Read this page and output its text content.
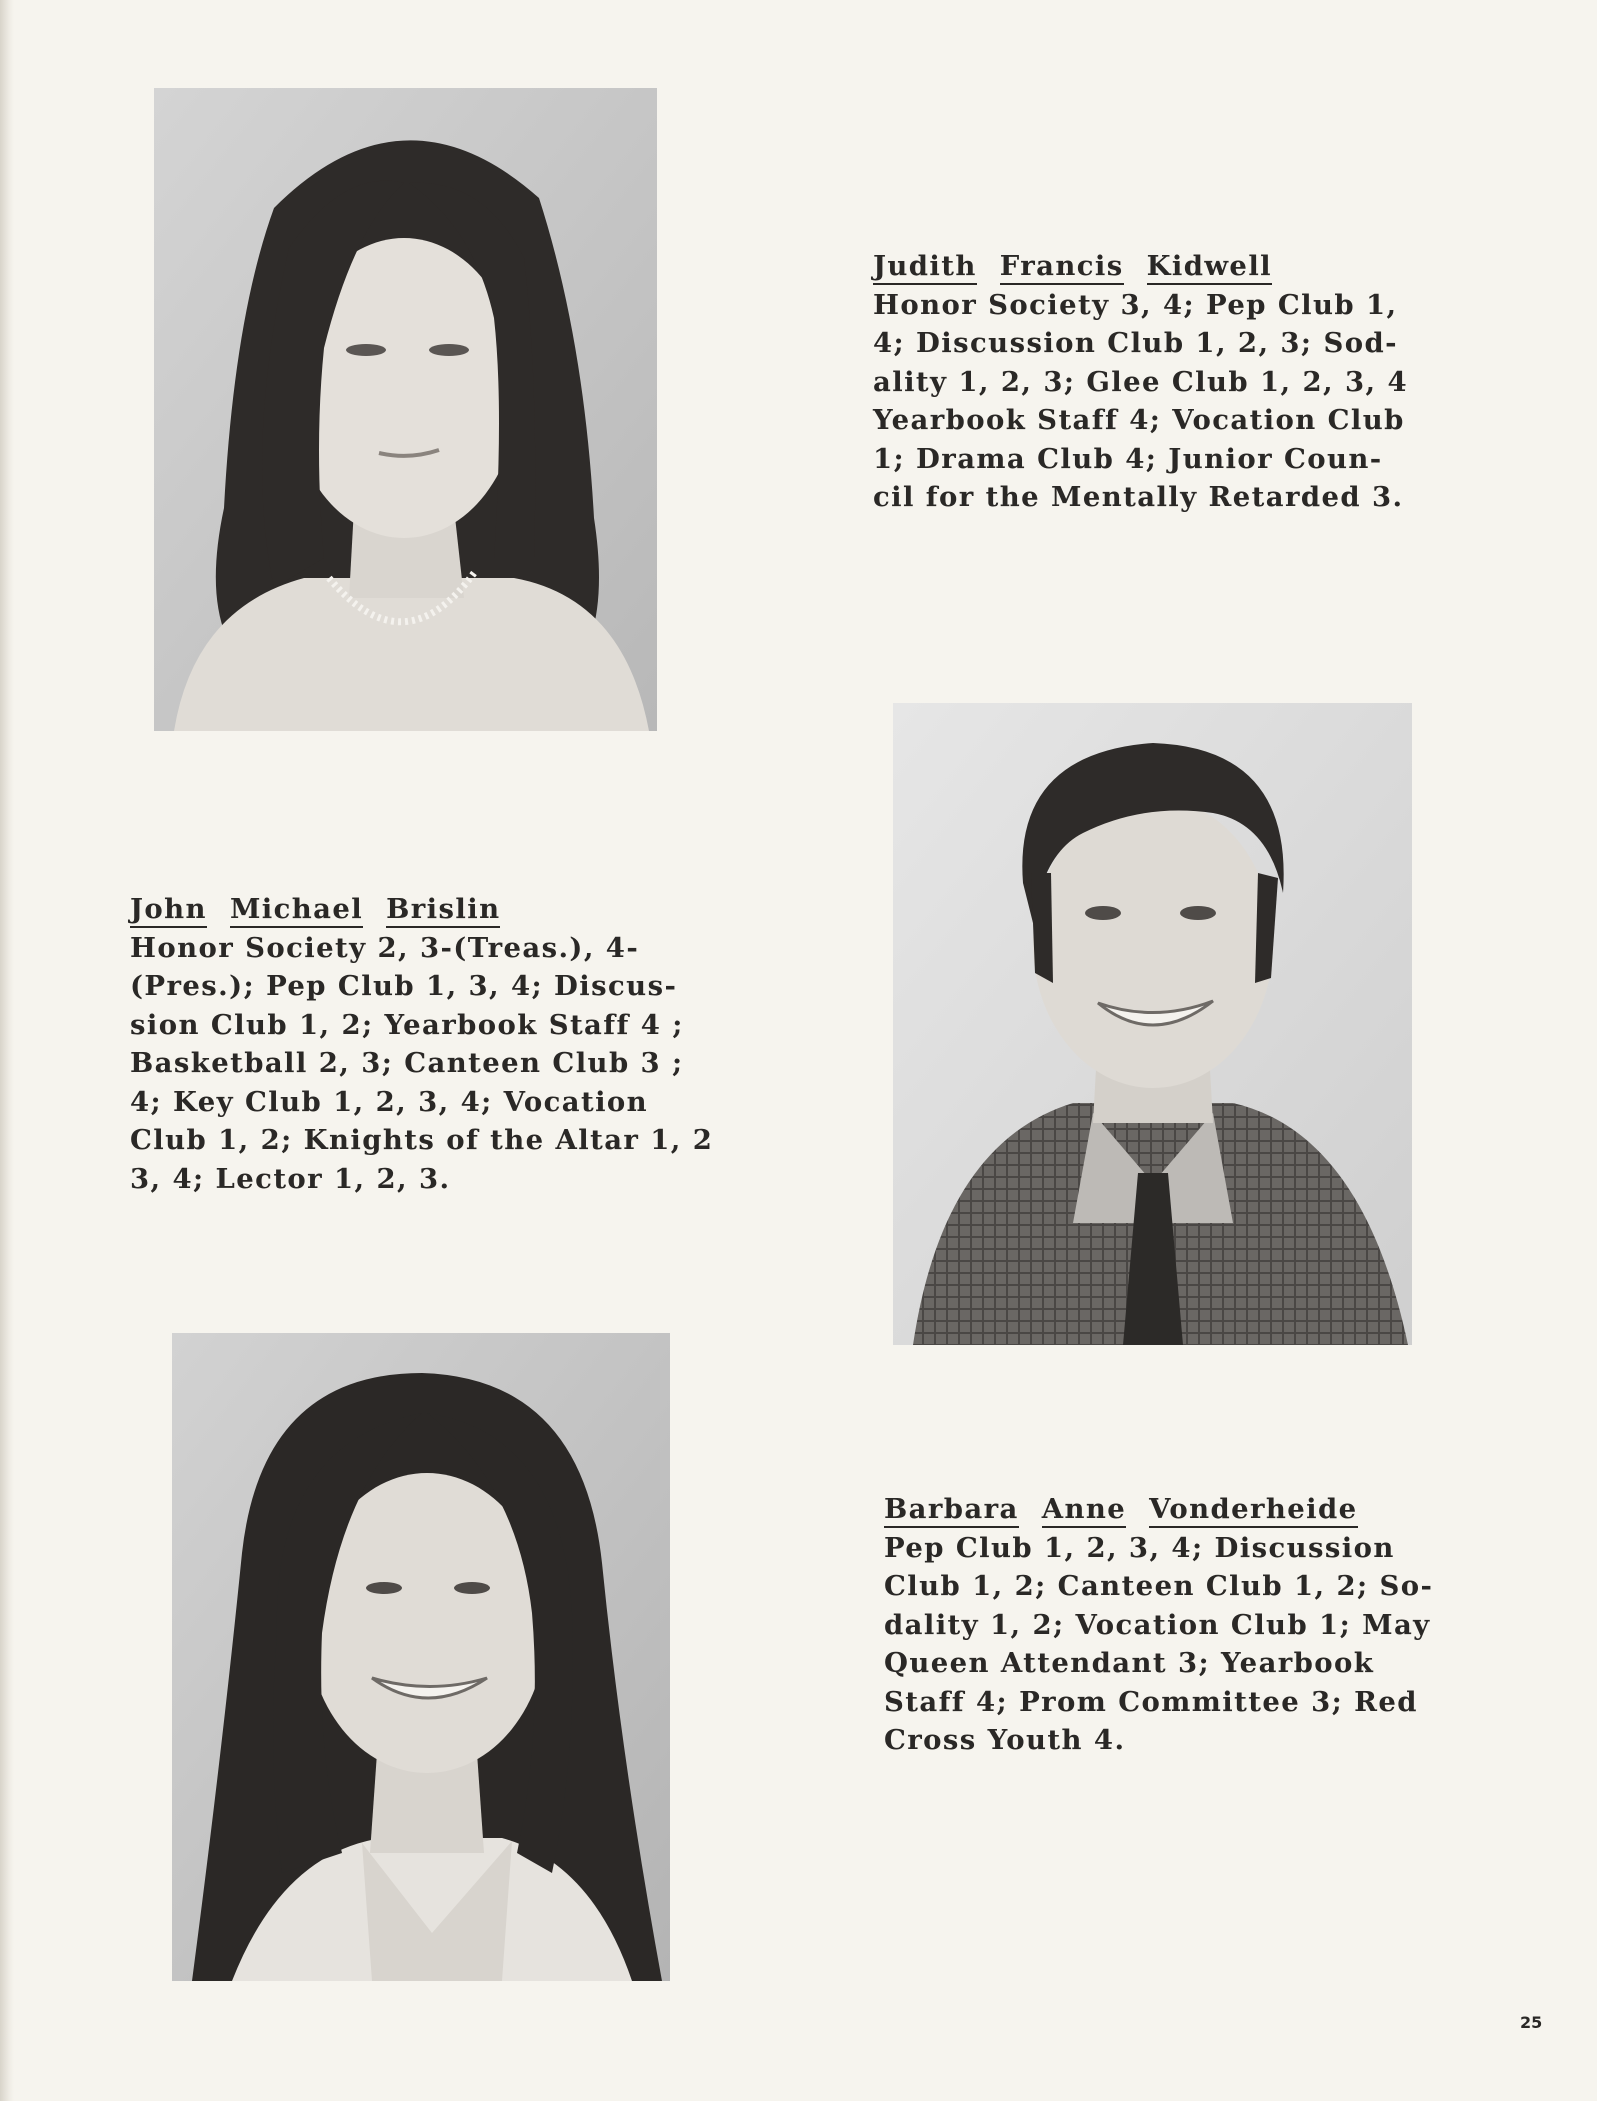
Judith Francis Kidwell
Honor Society 3, 4; Pep Club 1,
4; Discussion Club 1, 2, 3; Sod-
ality 1, 2, 3; Glee Club 1, 2, 3, 4
Yearbook Staff 4; Vocation Club
1; Drama Club 4; Junior Coun-
cil for the Mentally Retarded 3.
John Michael Brislin
Honor Society 2, 3-(Treas.), 4-
(Pres.); Pep Club 1, 3, 4; Discus-
sion Club 1, 2; Yearbook Staff 4 ;
Basketball 2, 3; Canteen Club 3 ;
4; Key Club 1, 2, 3, 4; Vocation
Club 1, 2; Knights of the Altar 1, 2
3, 4; Lector 1, 2, 3.
Barbara Anne Vonderheide
Pep Club 1, 2, 3, 4; Discussion
Club 1, 2; Canteen Club 1, 2; So-
dality 1, 2; Vocation Club 1; May
Queen Attendant 3; Yearbook
Staff 4; Prom Committee 3; Red
Cross Youth 4.
25
